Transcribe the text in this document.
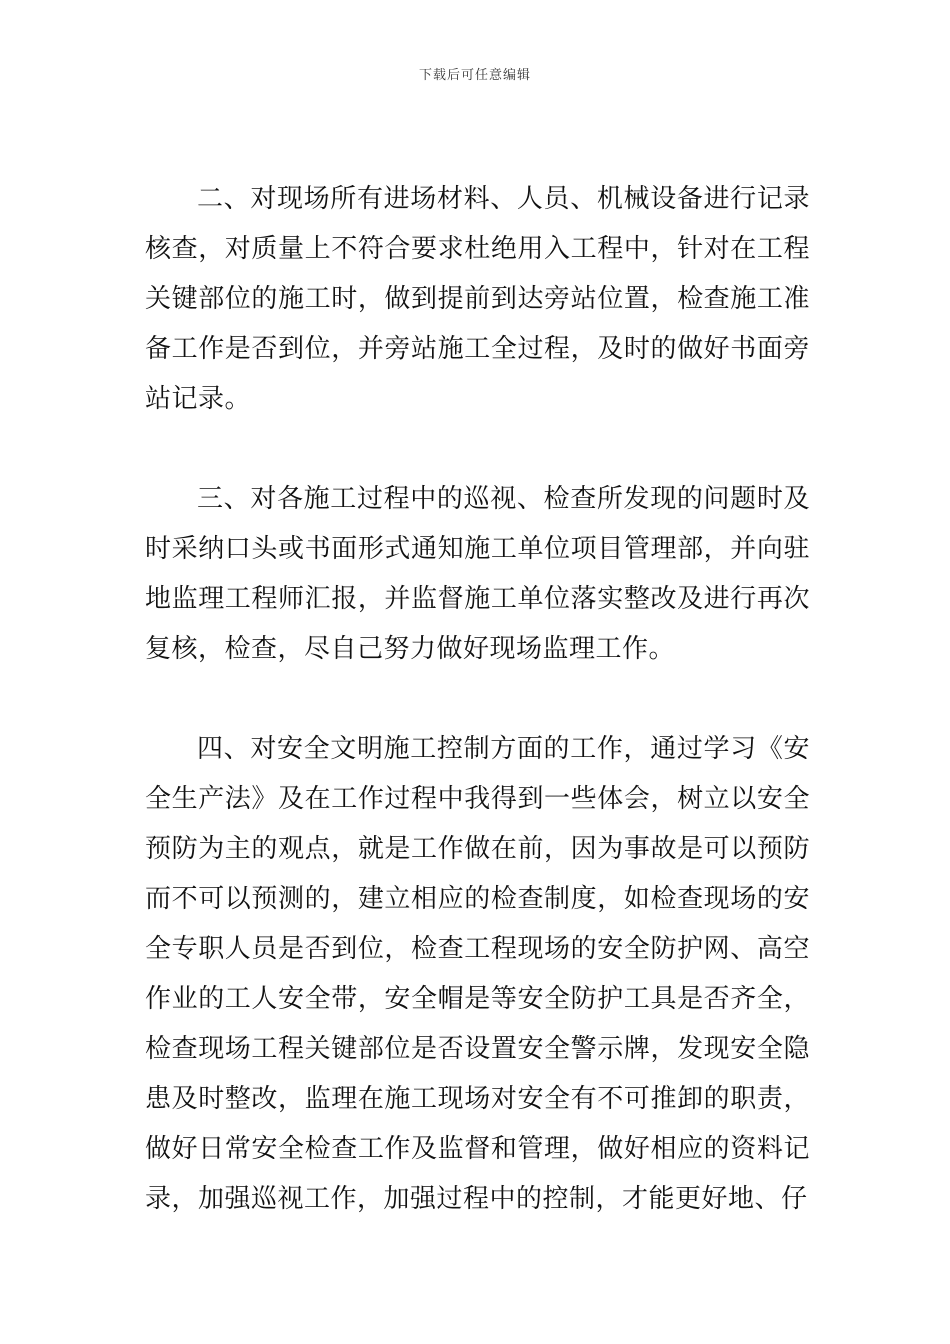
下载后可任意编辑

二、对现场所有进场材料、人员、机械设备进行记录核查，对质量上不符合要求杜绝用入工程中，针对在工程关键部位的施工时，做到提前到达旁站位置，检查施工准备工作是否到位，并旁站施工全过程，及时的做好书面旁站记录。

三、对各施工过程中的巡视、检查所发现的问题时及时采纳口头或书面形式通知施工单位项目管理部，并向驻地监理工程师汇报，并监督施工单位落实整改及进行再次复核，检查，尽自己努力做好现场监理工作。

四、对安全文明施工控制方面的工作，通过学习《安全生产法》及在工作过程中我得到一些体会，树立以安全预防为主的观点，就是工作做在前，因为事故是可以预防而不可以预测的，建立相应的检查制度，如检查现场的安全专职人员是否到位，检查工程现场的安全防护网、高空作业的工人安全带，安全帽是等安全防护工具是否齐全，检查现场工程关键部位是否设置安全警示牌，发现安全隐患及时整改，监理在施工现场对安全有不可推卸的职责，做好日常安全检查工作及监督和管理，做好相应的资料记录，加强巡视工作，加强过程中的控制，才能更好地、仔
